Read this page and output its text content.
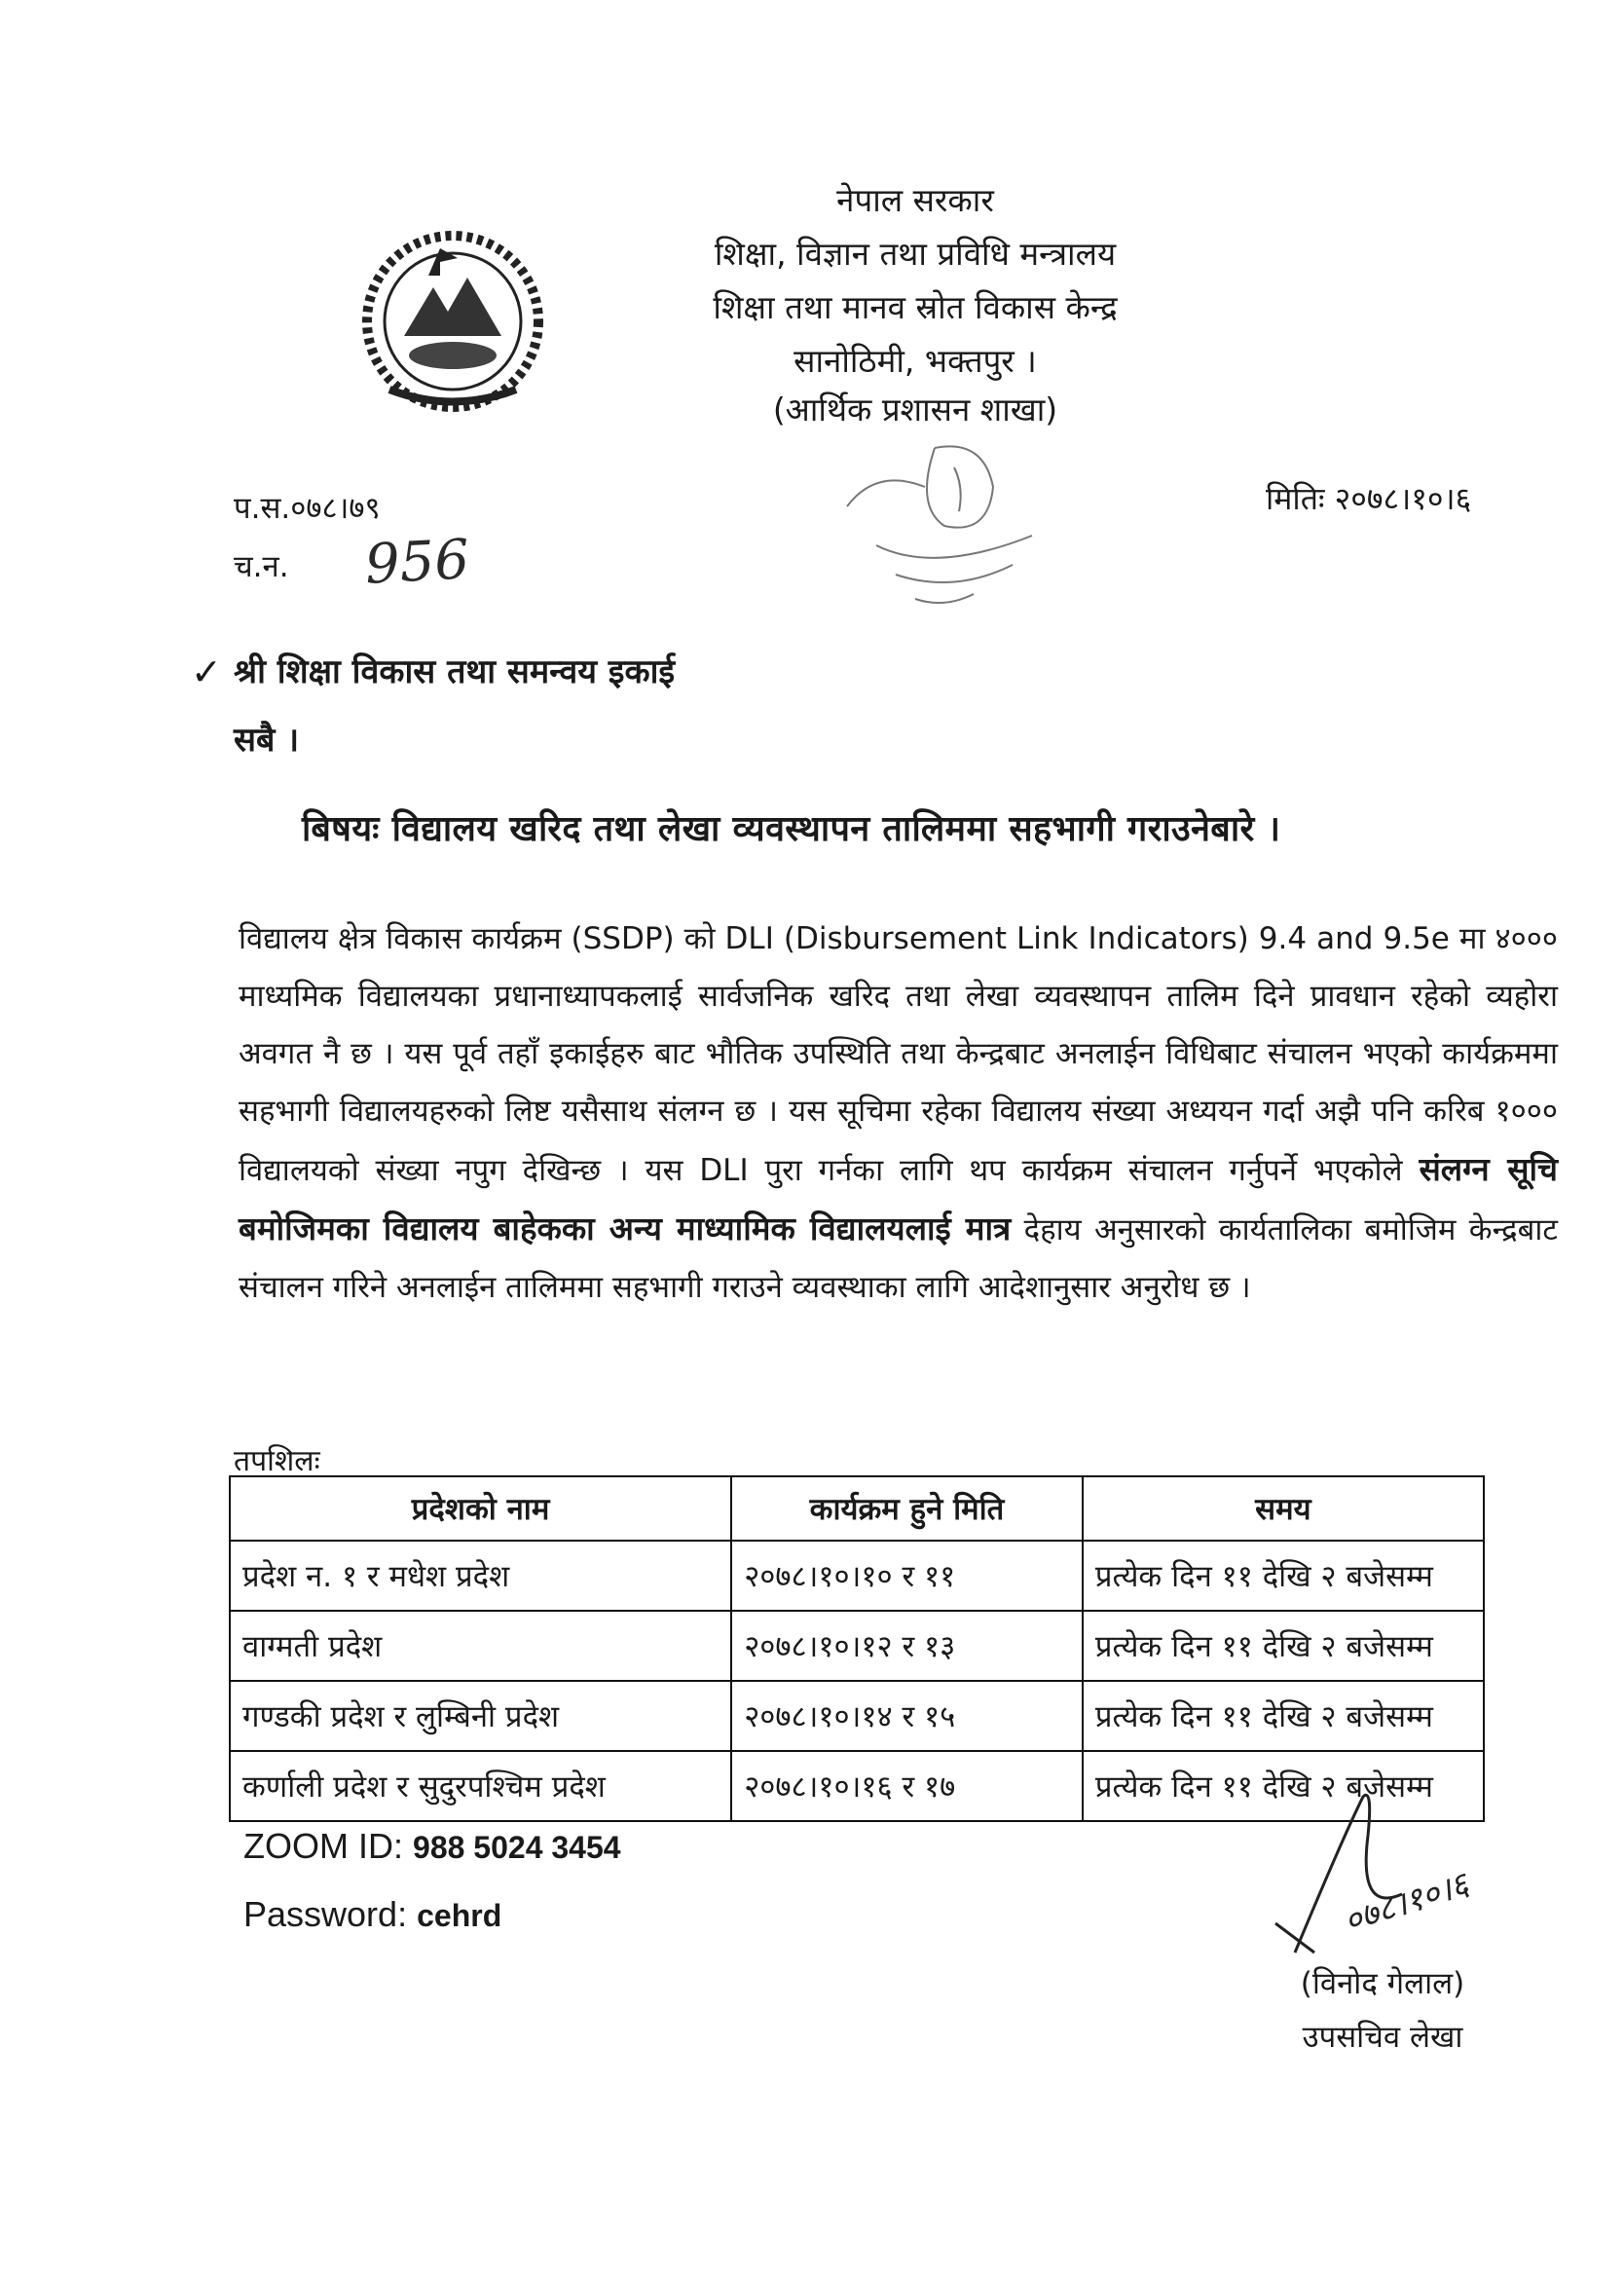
नेपाल सरकार
शिक्षा, विज्ञान तथा प्रविधि मन्त्रालय
शिक्षा तथा मानव स्रोत विकास केन्द्र
सानोठिमी, भक्तपुर ।
(आर्थिक प्रशासन शाखा)
प.स.०७८।७९
च.न. 956
मितिः २०७८।१०।६
✓ श्री शिक्षा विकास तथा समन्वय इकाई
सबै ।
बिषयः विद्यालय खरिद तथा लेखा व्यवस्थापन तालिममा सहभागी गराउनेबारे ।
विद्यालय क्षेत्र विकास कार्यक्रम (SSDP) को DLI (Disbursement Link Indicators) 9.4 and 9.5e मा ४००० माध्यमिक विद्यालयका प्रधानाध्यापकलाई सार्वजनिक खरिद तथा लेखा व्यवस्थापन तालिम दिने प्रावधान रहेको व्यहोरा अवगत नै छ । यस पूर्व तहाँ इकाईहरु बाट भौतिक उपस्थिति तथा केन्द्रबाट अनलाईन विधिबाट संचालन भएको कार्यक्रममा सहभागी विद्यालयहरुको लिष्ट यसैसाथ संलग्न छ । यस सूचिमा रहेका विद्यालय संख्या अध्ययन गर्दा अझै पनि करिब १००० विद्यालयको संख्या नपुग देखिन्छ । यस DLI पुरा गर्नका लागि थप कार्यक्रम संचालन गर्नुपर्ने भएकोले संलग्न सूचि बमोजिमका विद्यालय बाहेकका अन्य माध्यामिक विद्यालयलाई मात्र देहाय अनुसारको कार्यतालिका बमोजिम केन्द्रबाट संचालन गरिने अनलाईन तालिममा सहभागी गराउने व्यवस्थाका लागि आदेशानुसार अनुरोध छ ।
तपशिलः
प्रदेशको नाम	कार्यक्रम हुने मिति	समय
प्रदेश न. १ र मधेश प्रदेश	२०७८।१०।१० र ११	प्रत्येक दिन ११ देखि २ बजेसम्म
वाग्मती प्रदेश	२०७८।१०।१२ र १३	प्रत्येक दिन ११ देखि २ बजेसम्म
गण्डकी प्रदेश र लुम्बिनी प्रदेश	२०७८।१०।१४ र १५	प्रत्येक दिन ११ देखि २ बजेसम्म
कर्णाली प्रदेश र सुदुरपश्चिम प्रदेश	२०७८।१०।१६ र १७	प्रत्येक दिन ११ देखि २ बजेसम्म
ZOOM ID: 988 5024 3454
Password: cehrd	०७८।१०।६
(विनोद गेलाल)
उपसचिव लेखा
